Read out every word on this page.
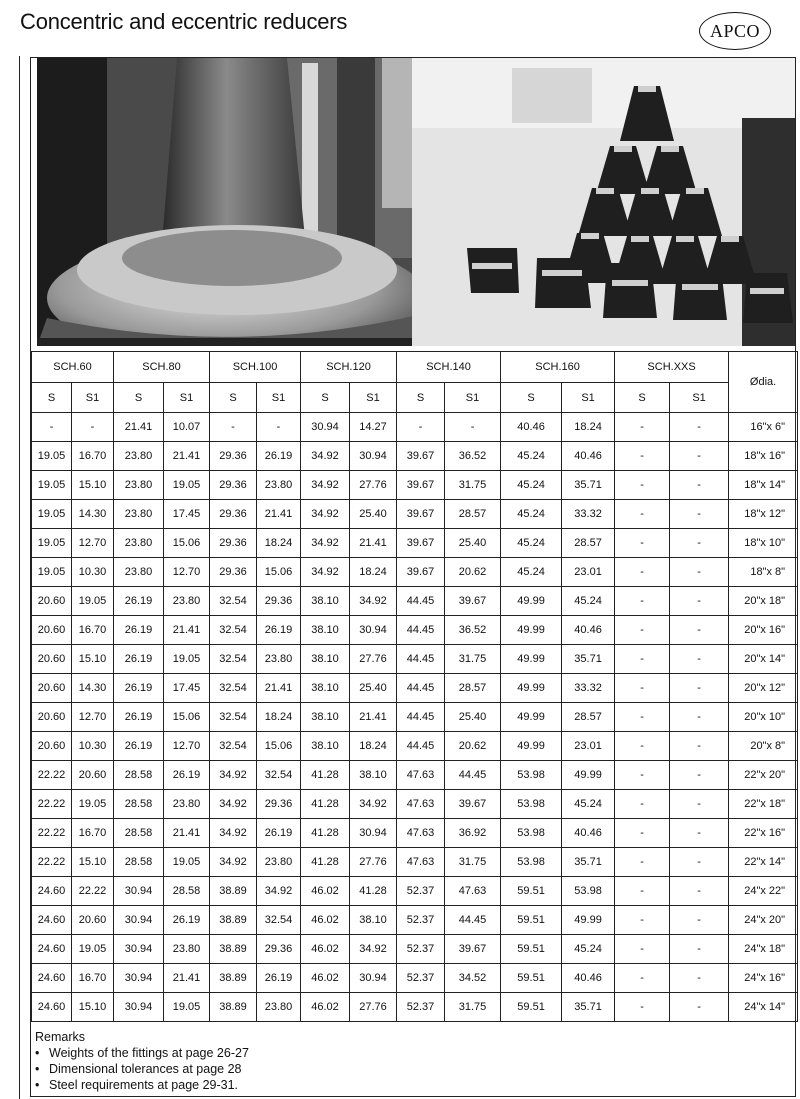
Concentric and eccentric reducers	APCO
SCH.60		SCH.80		SCH.100		SCH.120		SCH.140		SCH.160		SCH.XXS		Ødia.
S	S1	S	S1	S	S1	S	S1	S	S1	S	S1	S	S1	
-	-	21.41	10.07	-	-	30.94	14.27	-	-	40.46	18.24	-	-	16"x 6"
19.05	16.70	23.80	21.41	29.36	26.19	34.92	30.94	39.67	36.52	45.24	40.46	-	-	18"x 16"
19.05	15.10	23.80	19.05	29.36	23.80	34.92	27.76	39.67	31.75	45.24	35.71	-	-	18"x 14"
19.05	14.30	23.80	17.45	29.36	21.41	34.92	25.40	39.67	28.57	45.24	33.32	-	-	18"x 12"
19.05	12.70	23.80	15.06	29.36	18.24	34.92	21.41	39.67	25.40	45.24	28.57	-	-	18"x 10"
19.05	10.30	23.80	12.70	29.36	15.06	34.92	18.24	39.67	20.62	45.24	23.01	-	-	18"x 8"
20.60	19.05	26.19	23.80	32.54	29.36	38.10	34.92	44.45	39.67	49.99	45.24	-	-	20"x 18"
20.60	16.70	26.19	21.41	32.54	26.19	38.10	30.94	44.45	36.52	49.99	40.46	-	-	20"x 16"
20.60	15.10	26.19	19.05	32.54	23.80	38.10	27.76	44.45	31.75	49.99	35.71	-	-	20"x 14"
20.60	14.30	26.19	17.45	32.54	21.41	38.10	25.40	44.45	28.57	49.99	33.32	-	-	20"x 12"
20.60	12.70	26.19	15.06	32.54	18.24	38.10	21.41	44.45	25.40	49.99	28.57	-	-	20"x 10"
20.60	10.30	26.19	12.70	32.54	15.06	38.10	18.24	44.45	20.62	49.99	23.01	-	-	20"x 8"
22.22	20.60	28.58	26.19	34.92	32.54	41.28	38.10	47.63	44.45	53.98	49.99	-	-	22"x 20"
22.22	19.05	28.58	23.80	34.92	29.36	41.28	34.92	47.63	39.67	53.98	45.24	-	-	22"x 18"
22.22	16.70	28.58	21.41	34.92	26.19	41.28	30.94	47.63	36.92	53.98	40.46	-	-	22"x 16"
22.22	15.10	28.58	19.05	34.92	23.80	41.28	27.76	47.63	31.75	53.98	35.71	-	-	22"x 14"
24.60	22.22	30.94	28.58	38.89	34.92	46.02	41.28	52.37	47.63	59.51	53.98	-	-	24"x 22"
24.60	20.60	30.94	26.19	38.89	32.54	46.02	38.10	52.37	44.45	59.51	49.99	-	-	24"x 20"
24.60	19.05	30.94	23.80	38.89	29.36	46.02	34.92	52.37	39.67	59.51	45.24	-	-	24"x 18"
24.60	16.70	30.94	21.41	38.89	26.19	46.02	30.94	52.37	34.52	59.51	40.46	-	-	24"x 16"
24.60	15.10	30.94	19.05	38.89	23.80	46.02	27.76	52.37	31.75	59.51	35.71	-	-	24"x 14"
Remarks
• Weights of the fittings at page 26-27
• Dimensional tolerances at page 28
• Steel requirements at page 29-31.
